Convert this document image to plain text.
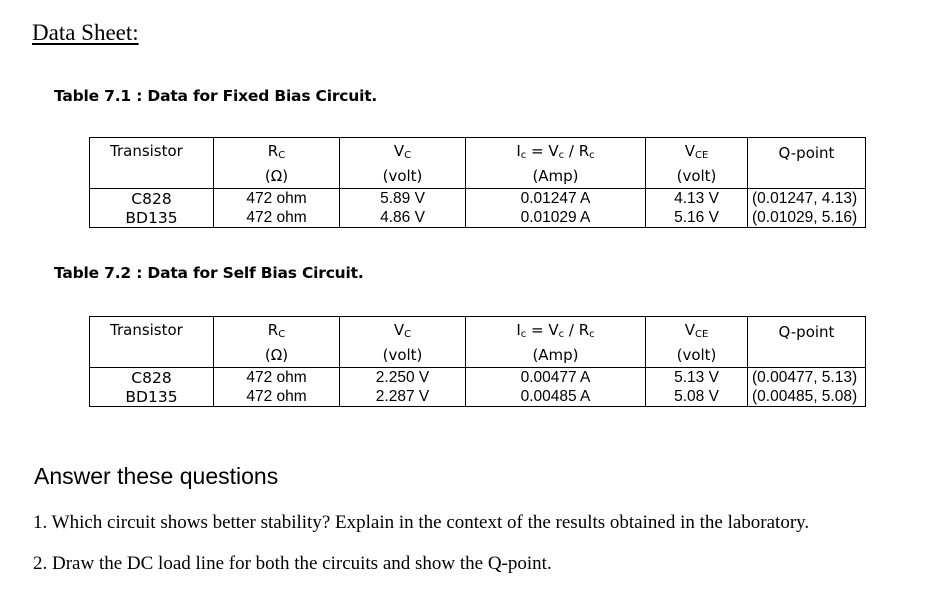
Data Sheet:
Table 7.1 : Data for Fixed Bias Circuit.
Transistor	$R_C$	$V_C$	$I_c = V_c / R_c$	$V_{CE}$	Q-point
	(Ω)	(volt)	(Amp)	(volt)	
C828	472 ohm	5.89 V	0.01247 A	4.13 V	(0.01247, 4.13)
BD135	472 ohm	4.86 V	0.01029 A	5.16 V	(0.01029, 5.16)
Table 7.2 : Data for Self Bias Circuit.
Transistor	$R_C$	$V_C$	$I_c = V_c / R_c$	$V_{CE}$	Q-point
	(Ω)	(volt)	(Amp)	(volt)	
C828	472 ohm	2.250 V	0.00477 A	5.13 V	(0.00477, 5.13)
BD135	472 ohm	2.287 V	0.00485 A	5.08 V	(0.00485, 5.08)
Answer these questions
1. Which circuit shows better stability? Explain in the context of the results obtained in the laboratory.
2. Draw the DC load line for both the circuits and show the Q-point.
